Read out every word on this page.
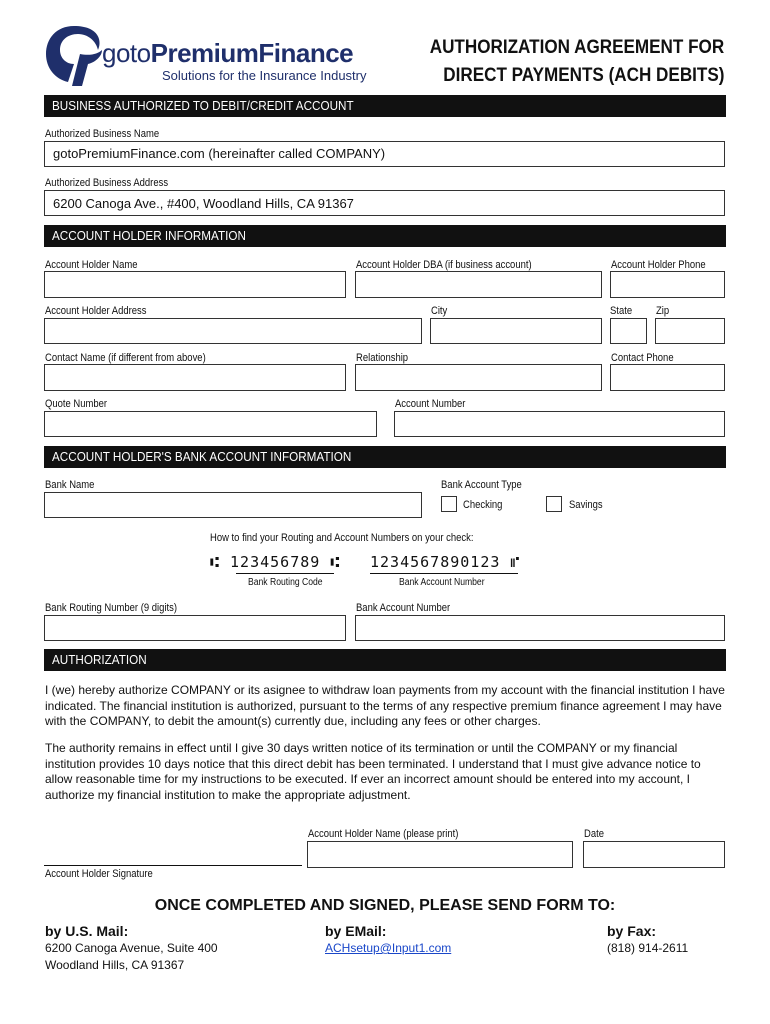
gotoPremiumFinance
Solutions for the Insurance Industry
AUTHORIZATION AGREEMENT FOR
DIRECT PAYMENTS (ACH DEBITS)
BUSINESS AUTHORIZED TO DEBIT/CREDIT ACCOUNT
Authorized Business Name
gotoPremiumFinance.com (hereinafter called COMPANY)
Authorized Business Address
6200 Canoga Ave., #400, Woodland Hills, CA 91367
ACCOUNT HOLDER INFORMATION
Account Holder Name	Account Holder DBA (if business account)	Account Holder Phone
Account Holder Address	City	State Zip
Contact Name (if different from above)	Relationship	Contact Phone
Quote Number	Account Number
ACCOUNT HOLDER'S BANK ACCOUNT INFORMATION
Bank Name	Bank Account Type
Checking	Savings
How to find your Routing and Account Numbers on your check:
⑆ 123456789 ⑆ 1234567890123 ⑈
Bank Routing Code	Bank Account Number
Bank Routing Number (9 digits)	Bank Account Number
AUTHORIZATION
I (we) hereby authorize COMPANY or its asignee to withdraw loan payments from my account with the financial institution I have indicated. The financial institution is authorized, pursuant to the terms of any respective premium finance agreement I may have with the COMPANY, to debit the amount(s) currently due, including any fees or other charges.
The authority remains in effect until I give 30 days written notice of its termination or until the COMPANY or my financial institution provides 10 days notice that this direct debit has been terminated. I understand that I must give advance notice to allow reasonable time for my instructions to be executed. If ever an incorrect amount should be entered into my account, I authorize my financial institution to make the appropriate adjustment.
Account Holder Name (please print)	Date
Account Holder Signature
ONCE COMPLETED AND SIGNED, PLEASE SEND FORM TO:
by U.S. Mail:
6200 Canoga Avenue, Suite 400
Woodland Hills, CA 91367
by EMail:
ACHsetup@Input1.com
by Fax:
(818) 914-2611
